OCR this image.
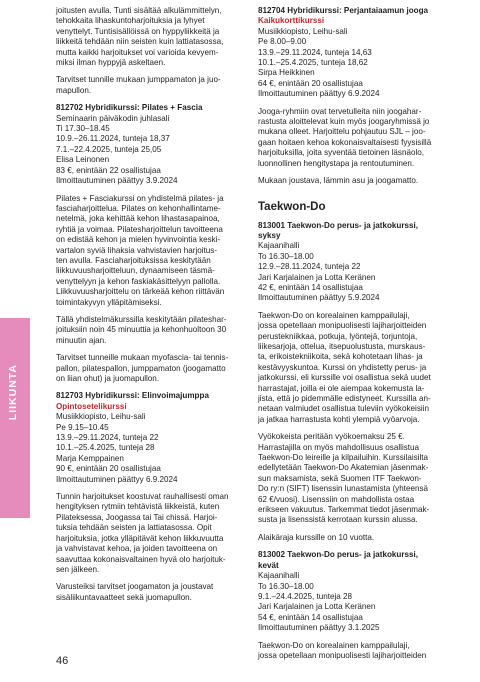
joitusten avulla. Tunti sisältää alkulämmittelyn,
tehokkaita lihaskuntoharjoituksia ja lyhyet
venyttelyt. Tuntisisällöissä on hyppyliikkeitä ja
liikkeitä tehdään niin seisten kuin lattiatasossa,
mutta kaikki harjoitukset voi varioida kevyem-
miksi ilman hyppyjä askeltaen.

Tarvitset tunnille mukaan jumppamaton ja juo-
mapullon.

812702 Hybridikurssi: Pilates + Fascia
Seminaarin päiväkodin juhlasali
Ti 17.30–18.45
10.9.–26.11.2024, tunteja 18,37
7.1.–22.4.2025, tunteja 25,05
Elisa Leinonen
83 €, enintään 22 osallistujaa
Ilmoittautuminen päättyy 3.9.2024

Pilates + Fasciakurssi on yhdistelmä pilates- ja
fasciaharjoittelua. Pilates on kehonhallintame-
netelmä, joka kehittää kehon lihastasapainoa,
ryhtiä ja voimaa. Pilatesharjoittelun tavoitteena
on edistää kehon ja mielen hyvinvointia keski-
vartalon syviä lihaksia vahvistavien harjoitus-
ten avulla. Fasciaharjoituksissa keskitytään
liikkuvuusharjoitteluun, dynaamiseen täsmä-
venyttelyyn ja kehon faskiakäsittelyyn pallolla.
Liikkuvuusharjoittelu on tärkeää kehon riittävän
toimintakyvyn ylläpitämiseksi.

Tällä yhdistelmäkurssilla keskitytään pilateshar-
joituksiin noin 45 minuuttia ja kehonhuoltoon 30
minuutin ajan.

Tarvitset tunneille mukaan myofascia- tai tennis-
pallon, pilatespallon, jumppamaton (joogamatto
on liian ohut) ja juomapullon.

812703 Hybridikurssi: Elinvoimajumppa
Opintosetelikurssi
Musiikkiopisto, Leihu-sali
Pe 9.15–10.45
13.9.–29.11.2024, tunteja 22
10.1.–25.4.2025, tunteja 28
Marja Kemppainen
90 €, enintään 20 osallistujaa
Ilmoittautuminen päättyy 6.9.2024

Tunnin harjoitukset koostuvat rauhallisesti oman
hengityksen rytmiin tehtävistä liikkeistä, kuten
Pilateksessa, Joogassa tai Tai chissä. Harjoi-
tuksia tehdään seisten ja lattiatasossa. Opit
harjoituksia, jotka ylläpitävät kehon liikkuvuutta
ja vahvistavat kehoa, ja joiden tavoitteena on
saavuttaa kokonaisvaltainen hyvä olo harjoituk-
sen jälkeen.

Varusteiksi tarvitset joogamaton ja joustavat
sisäliikuntavaatteet sekä juomapullon.

812704 Hybridikurssi: Perjantaiaamun jooga
Kaikukorttikurssi
Musiikkiopisto, Leihu-sali
Pe 8.00–9.00
13.9.–29.11.2024, tunteja 14,63
10.1.–25.4.2025, tunteja 18,62
Sirpa Heikkinen
64 €, enintään 20 osallistujaa
Ilmoittautuminen päättyy 6.9.2024

Jooga-ryhmiin ovat tervetulleita niin joogahar-
rastusta aloittelevat kuin myös joogaryhmissä jo
mukana olleet. Harjoittelu pohjautuu SJL – joo-
gaan hoitaen kehoa kokonaisvaltaisesti fyysisillä
harjoituksilla, joita syventää tietoinen läsnäolo,
luonnollinen hengitystapa ja rentoutuminen.

Mukaan joustava, lämmin asu ja joogamatto.

Taekwon-Do
813001 Taekwon-Do perus- ja jatkokurssi,
syksy
Kajaanihalli
To 16.30–18.00
12.9.–28.11.2024, tunteja 22
Jari Karjalainen ja Lotta Keränen
42 €, enintään 14 osallistujaa
Ilmoittautuminen päättyy 5.9.2024

Taekwon-Do on korealainen kamppailulaji,
jossa opetellaan monipuolisesti lajiharjoitteiden
perustekniikkaa, potkuja, lyöntejä, torjuntoja,
liikesarjoja, ottelua, itsepuolustusta, murskaus-
ta, erikoistekniikoita, sekä kohotetaan lihas- ja
kestävyyskuntoa. Kurssi on yhdistetty perus- ja
jatkokurssi, eli kurssille voi osallistua sekä uudet
harrastajat, joilla ei ole aiempaa kokemusta la-
jista, että jo pidemmälle edistyneet. Kurssilla an-
netaan valmiudet osallistua tuleviin vyökokeisiin
ja jatkaa harrastusta kohti ylempiä vyöarvoja.

Vyökokeista peritään vyökoemaksu 25 €.
Harrastajilla on myös mahdollisuus osallistua
Taekwon-Do leireille ja kilpailuihin. Kurssilaisilta
edellytetään Taekwon-Do Akatemian jäsenmak-
sun maksamista, sekä Suomen ITF Taekwon-
Do ry:n (SIFT) lisenssin lunastamista (yhteensä
62 €/vuosi). Lisenssiin on mahdollista ostaa
erikseen vakuutus. Tarkemmat tiedot jäsenmak-
susta ja lisenssistä kerrotaan kurssin alussa.

Alaikäraja kurssille on 10 vuotta.

813002 Taekwon-Do perus- ja jatkokurssi,
kevät
Kajaanihalli
To 16.30–18.00
9.1.–24.4.2025, tunteja 28
Jari Karjalainen ja Lotta Keränen
54 €, enintään 14 osallistujaa
Ilmoittautuminen päättyy 3.1.2025

Taekwon-Do on korealainen kamppailulaji,
jossa opetellaan monipuolisesti lajiharjoitteiden

LIIKUNTA
46
